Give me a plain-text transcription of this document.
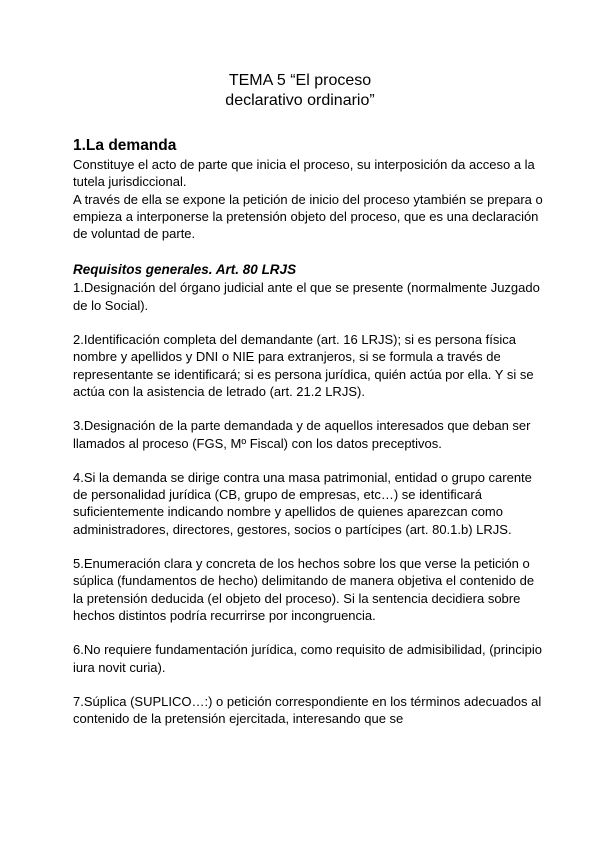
TEMA 5 “El proceso
declarativo ordinario”

1.La demanda

Constituye el acto de parte que inicia el proceso, su interposición da acceso a la tutela jurisdiccional.

A través de ella se expone la petición de inicio del proceso ytambién se prepara o empieza a interponerse la pretensión objeto del proceso, que es una declaración de voluntad de parte.

Requisitos generales. Art. 80 LRJS

1.Designación del órgano judicial ante el que se presente (normalmente Juzgado de lo Social).

2.Identificación completa del demandante (art. 16 LRJS); si es persona física nombre y apellidos y DNI o NIE para extranjeros, si se formula a través de representante se identificará; si es persona jurídica, quién actúa por ella. Y si se actúa con la asistencia de letrado (art. 21.2 LRJS).

3.Designación de la parte demandada y de aquellos interesados que deban ser llamados al proceso (FGS, Mº Fiscal) con los datos preceptivos.

4.Si la demanda se dirige contra una masa patrimonial, entidad o grupo carente de personalidad jurídica (CB, grupo de empresas, etc…) se identificará suficientemente indicando nombre y apellidos de quienes aparezcan como administradores, directores, gestores, socios o partícipes (art. 80.1.b) LRJS.

5.Enumeración clara y concreta de los hechos sobre los que verse la petición o súplica (fundamentos de hecho) delimitando de manera objetiva el contenido de la pretensión deducida (el objeto del proceso). Si la sentencia decidiera sobre hechos distintos podría recurrirse por incongruencia.

6.No requiere fundamentación jurídica, como requisito de admisibilidad, (principio iura novit curia).

7.Súplica (SUPLICO…:) o petición correspondiente en los términos adecuados al contenido de la pretensión ejercitada, interesando que se
